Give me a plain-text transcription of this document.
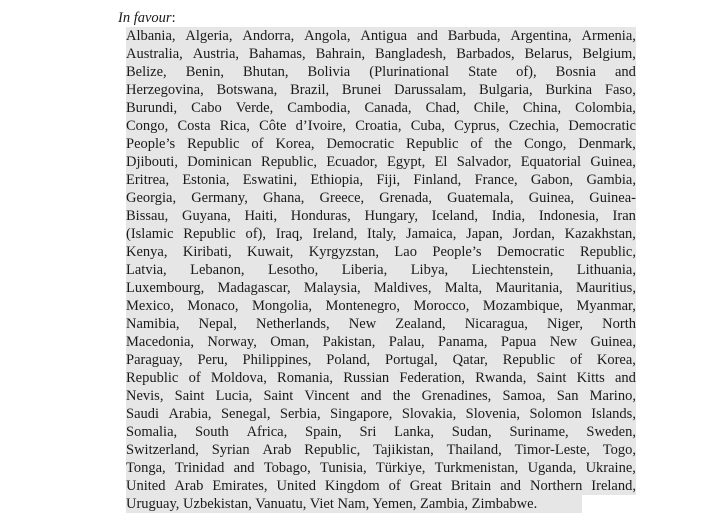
In favour:
Albania, Algeria, Andorra, Angola, Antigua and Barbuda, Argentina, Armenia,
Australia, Austria, Bahamas, Bahrain, Bangladesh, Barbados, Belarus, Belgium,
Belize, Benin, Bhutan, Bolivia (Plurinational State of), Bosnia and
Herzegovina, Botswana, Brazil, Brunei Darussalam, Bulgaria, Burkina Faso,
Burundi, Cabo Verde, Cambodia, Canada, Chad, Chile, China, Colombia,
Congo, Costa Rica, Côte d’Ivoire, Croatia, Cuba, Cyprus, Czechia, Democratic
People’s Republic of Korea, Democratic Republic of the Congo, Denmark,
Djibouti, Dominican Republic, Ecuador, Egypt, El Salvador, Equatorial Guinea,
Eritrea, Estonia, Eswatini, Ethiopia, Fiji, Finland, France, Gabon, Gambia,
Georgia, Germany, Ghana, Greece, Grenada, Guatemala, Guinea, Guinea-
Bissau, Guyana, Haiti, Honduras, Hungary, Iceland, India, Indonesia, Iran
(Islamic Republic of), Iraq, Ireland, Italy, Jamaica, Japan, Jordan, Kazakhstan,
Kenya, Kiribati, Kuwait, Kyrgyzstan, Lao People’s Democratic Republic,
Latvia, Lebanon, Lesotho, Liberia, Libya, Liechtenstein, Lithuania,
Luxembourg, Madagascar, Malaysia, Maldives, Malta, Mauritania, Mauritius,
Mexico, Monaco, Mongolia, Montenegro, Morocco, Mozambique, Myanmar,
Namibia, Nepal, Netherlands, New Zealand, Nicaragua, Niger, North
Macedonia, Norway, Oman, Pakistan, Palau, Panama, Papua New Guinea,
Paraguay, Peru, Philippines, Poland, Portugal, Qatar, Republic of Korea,
Republic of Moldova, Romania, Russian Federation, Rwanda, Saint Kitts and
Nevis, Saint Lucia, Saint Vincent and the Grenadines, Samoa, San Marino,
Saudi Arabia, Senegal, Serbia, Singapore, Slovakia, Slovenia, Solomon Islands,
Somalia, South Africa, Spain, Sri Lanka, Sudan, Suriname, Sweden,
Switzerland, Syrian Arab Republic, Tajikistan, Thailand, Timor-Leste, Togo,
Tonga, Trinidad and Tobago, Tunisia, Türkiye, Turkmenistan, Uganda, Ukraine,
United Arab Emirates, United Kingdom of Great Britain and Northern Ireland,
Uruguay, Uzbekistan, Vanuatu, Viet Nam, Yemen, Zambia, Zimbabwe.
